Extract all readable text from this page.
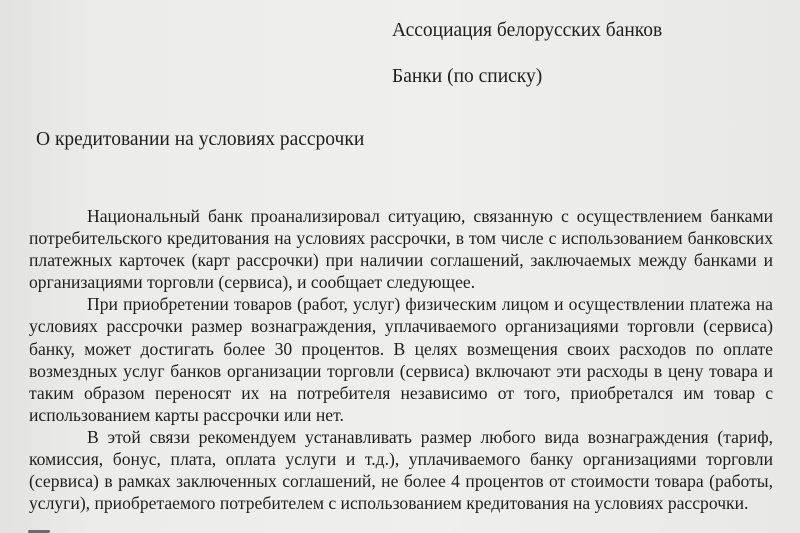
Ассоциация белорусских банков
Банки (по списку)
О кредитовании на условиях рассрочки

Национальный банк проанализировал ситуацию, связанную с осуществлением банками потребительского кредитования на условиях рассрочки, в том числе с использованием банковских платежных карточек (карт рассрочки) при наличии соглашений, заключаемых между банками и организациями торговли (сервиса), и сообщает следующее.

При приобретении товаров (работ, услуг) физическим лицом и осуществлении платежа на условиях рассрочки размер вознаграждения, уплачиваемого организациями торговли (сервиса) банку, может достигать более 30 процентов. В целях возмещения своих расходов по оплате возмездных услуг банков организации торговли (сервиса) включают эти расходы в цену товара и таким образом переносят их на потребителя независимо от того, приобретался им товар с использованием карты рассрочки или нет.

В этой связи рекомендуем устанавливать размер любого вида вознаграждения (тариф, комиссия, бонус, плата, оплата услуги и т.д.), уплачиваемого банку организациями торговли (сервиса) в рамках заключенных соглашений, не более 4 процентов от стоимости товара (работы, услуги), приобретаемого потребителем с использованием кредитования на условиях рассрочки.
